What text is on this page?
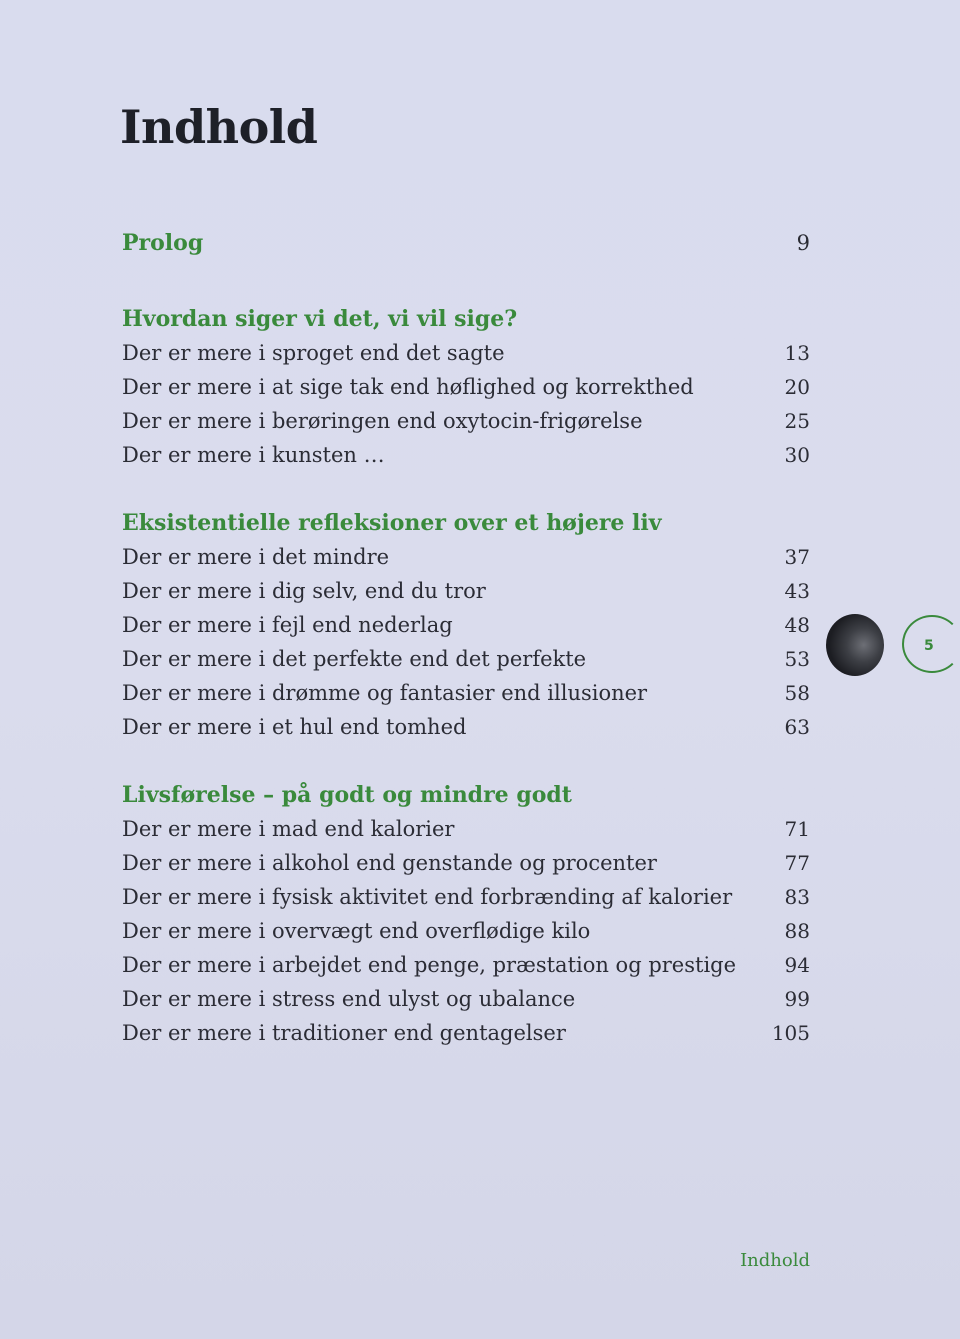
Indhold
Prolog	9
Hvordan siger vi det, vi vil sige?
Der er mere i sproget end det sagte	13
Der er mere i at sige tak end høflighed og korrekthed	20
Der er mere i berøringen end oxytocin-frigørelse	25
Der er mere i kunsten …	30
Eksistentielle refleksioner over et højere liv
Der er mere i det mindre	37
Der er mere i dig selv, end du tror	43
Der er mere i fejl end nederlag	48
Der er mere i det perfekte end det perfekte	53
Der er mere i drømme og fantasier end illusioner	58
Der er mere i et hul end tomhed	63
Livsførelse – på godt og mindre godt
Der er mere i mad end kalorier	71
Der er mere i alkohol end genstande og procenter	77
Der er mere i fysisk aktivitet end forbrænding af kalorier	83
Der er mere i overvægt end overflødige kilo	88
Der er mere i arbejdet end penge, præstation og prestige 94
Der er mere i stress end ulyst og ubalance	99
Der er mere i traditioner end gentagelser	105
5
Indhold
